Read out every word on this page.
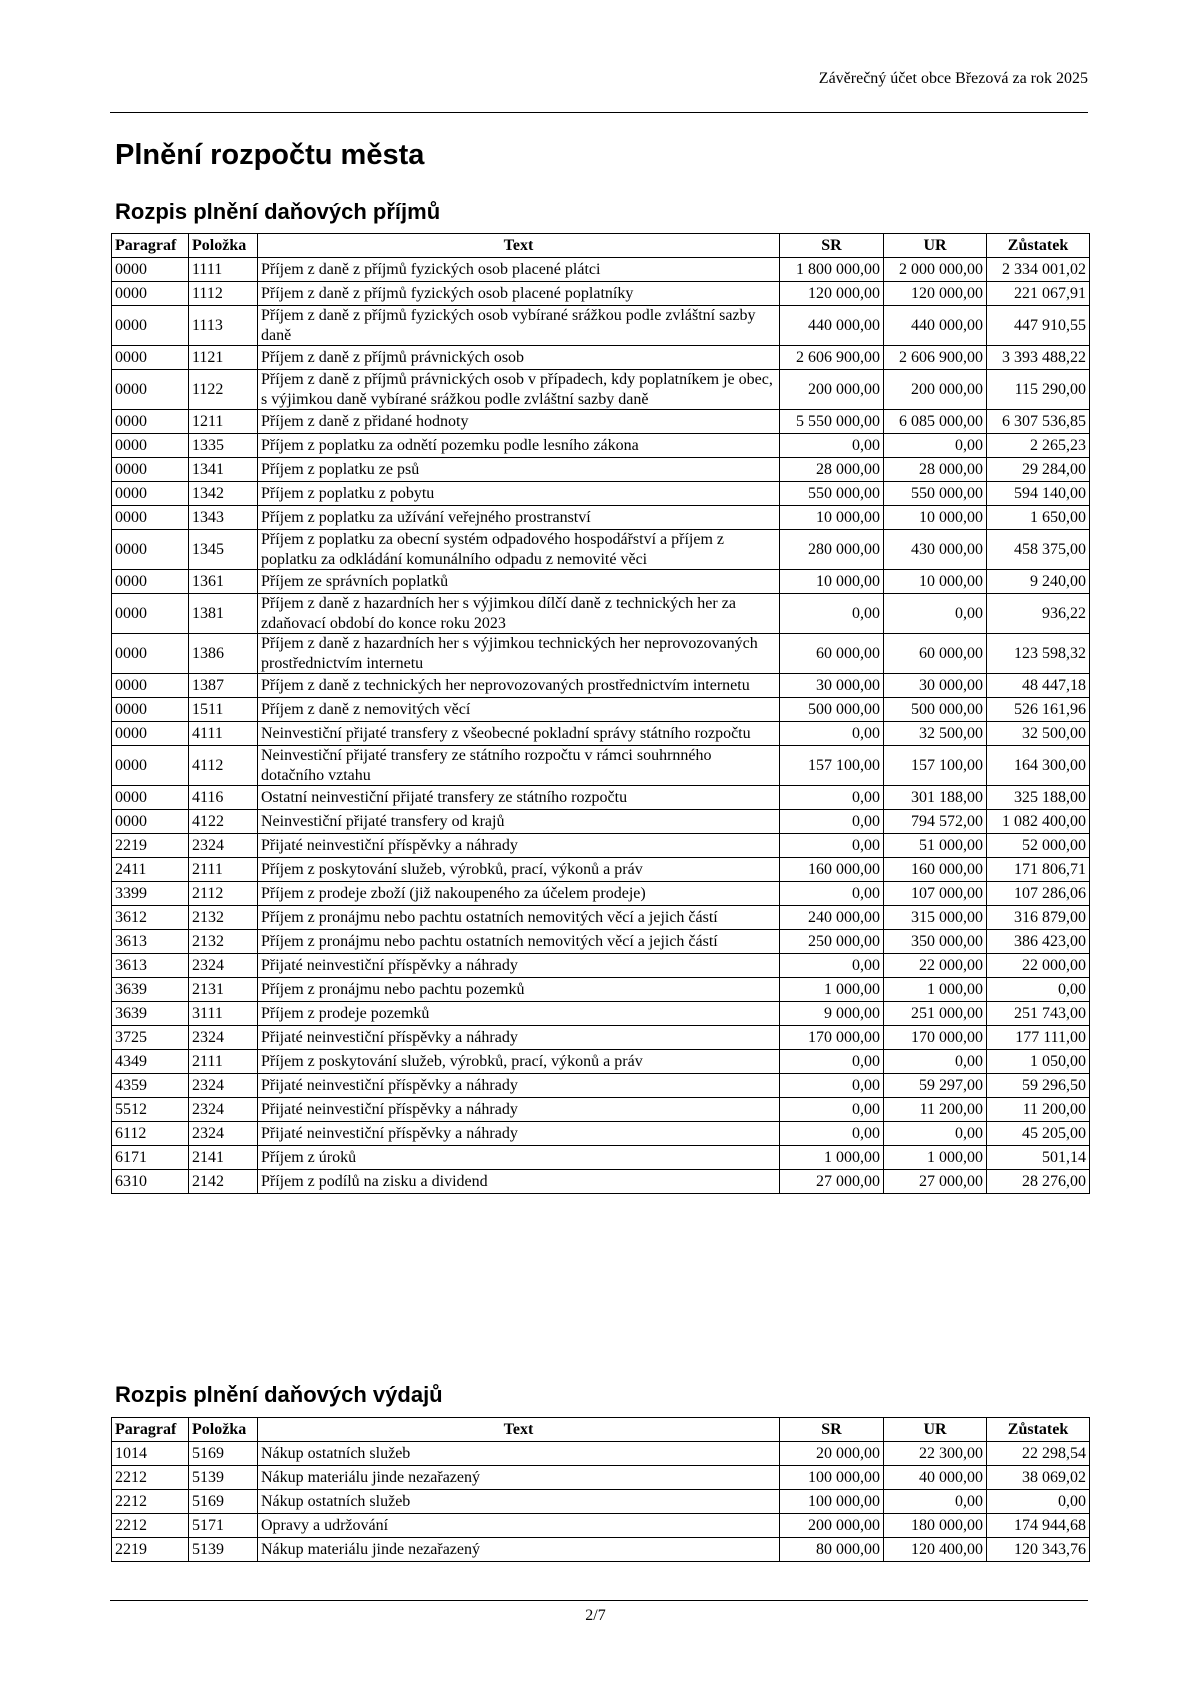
Závěrečný účet obce Březová za rok 2025
Plnění rozpočtu města
Rozpis plnění daňových příjmů
Paragraf	Položka	Text	SR	UR	Zůstatek
0000	1111	Příjem z daně z příjmů fyzických osob placené plátci	1 800 000,00	2 000 000,00	2 334 001,02
0000	1112	Příjem z daně z příjmů fyzických osob placené poplatníky	120 000,00	120 000,00	221 067,91
0000	1113	Příjem z daně z příjmů fyzických osob vybírané srážkou podle zvláštní sazby daně	440 000,00	440 000,00	447 910,55
0000	1121	Příjem z daně z příjmů právnických osob	2 606 900,00	2 606 900,00	3 393 488,22
0000	1122	Příjem z daně z příjmů právnických osob v případech, kdy poplatníkem je obec, s výjimkou daně vybírané srážkou podle zvláštní sazby daně	200 000,00	200 000,00	115 290,00
0000	1211	Příjem z daně z přidané hodnoty	5 550 000,00	6 085 000,00	6 307 536,85
0000	1335	Příjem z poplatku za odnětí pozemku podle lesního zákona	0,00	0,00	2 265,23
0000	1341	Příjem z poplatku ze psů	28 000,00	28 000,00	29 284,00
0000	1342	Příjem z poplatku z pobytu	550 000,00	550 000,00	594 140,00
0000	1343	Příjem z poplatku za užívání veřejného prostranství	10 000,00	10 000,00	1 650,00
0000	1345	Příjem z poplatku za obecní systém odpadového hospodářství a příjem z poplatku za odkládání komunálního odpadu z nemovité věci	280 000,00	430 000,00	458 375,00
0000	1361	Příjem ze správních poplatků	10 000,00	10 000,00	9 240,00
0000	1381	Příjem z daně z hazardních her s výjimkou dílčí daně z technických her za zdaňovací období do konce roku 2023	0,00	0,00	936,22
0000	1386	Příjem z daně z hazardních her s výjimkou technických her neprovozovaných prostřednictvím internetu	60 000,00	60 000,00	123 598,32
0000	1387	Příjem z daně z technických her neprovozovaných prostřednictvím internetu	30 000,00	30 000,00	48 447,18
0000	1511	Příjem z daně z nemovitých věcí	500 000,00	500 000,00	526 161,96
0000	4111	Neinvestiční přijaté transfery z všeobecné pokladní správy státního rozpočtu	0,00	32 500,00	32 500,00
0000	4112	Neinvestiční přijaté transfery ze státního rozpočtu v rámci souhrnného dotačního vztahu	157 100,00	157 100,00	164 300,00
0000	4116	Ostatní neinvestiční přijaté transfery ze státního rozpočtu	0,00	301 188,00	325 188,00
0000	4122	Neinvestiční přijaté transfery od krajů	0,00	794 572,00	1 082 400,00
2219	2324	Přijaté neinvestiční příspěvky a náhrady	0,00	51 000,00	52 000,00
2411	2111	Příjem z poskytování služeb, výrobků, prací, výkonů a práv	160 000,00	160 000,00	171 806,71
3399	2112	Příjem z prodeje zboží (již nakoupeného za účelem prodeje)	0,00	107 000,00	107 286,06
3612	2132	Příjem z pronájmu nebo pachtu ostatních nemovitých věcí a jejich částí	240 000,00	315 000,00	316 879,00
3613	2132	Příjem z pronájmu nebo pachtu ostatních nemovitých věcí a jejich částí	250 000,00	350 000,00	386 423,00
3613	2324	Přijaté neinvestiční příspěvky a náhrady	0,00	22 000,00	22 000,00
3639	2131	Příjem z pronájmu nebo pachtu pozemků	1 000,00	1 000,00	0,00
3639	3111	Příjem z prodeje pozemků	9 000,00	251 000,00	251 743,00
3725	2324	Přijaté neinvestiční příspěvky a náhrady	170 000,00	170 000,00	177 111,00
4349	2111	Příjem z poskytování služeb, výrobků, prací, výkonů a práv	0,00	0,00	1 050,00
4359	2324	Přijaté neinvestiční příspěvky a náhrady	0,00	59 297,00	59 296,50
5512	2324	Přijaté neinvestiční příspěvky a náhrady	0,00	11 200,00	11 200,00
6112	2324	Přijaté neinvestiční příspěvky a náhrady	0,00	0,00	45 205,00
6171	2141	Příjem z úroků	1 000,00	1 000,00	501,14
6310	2142	Příjem z podílů na zisku a dividend	27 000,00	27 000,00	28 276,00
Rozpis plnění daňových výdajů
Paragraf	Položka	Text	SR	UR	Zůstatek
1014	5169	Nákup ostatních služeb	20 000,00	22 300,00	22 298,54
2212	5139	Nákup materiálu jinde nezařazený	100 000,00	40 000,00	38 069,02
2212	5169	Nákup ostatních služeb	100 000,00	0,00	0,00
2212	5171	Opravy a udržování	200 000,00	180 000,00	174 944,68
2219	5139	Nákup materiálu jinde nezařazený	80 000,00	120 400,00	120 343,76
2/7
